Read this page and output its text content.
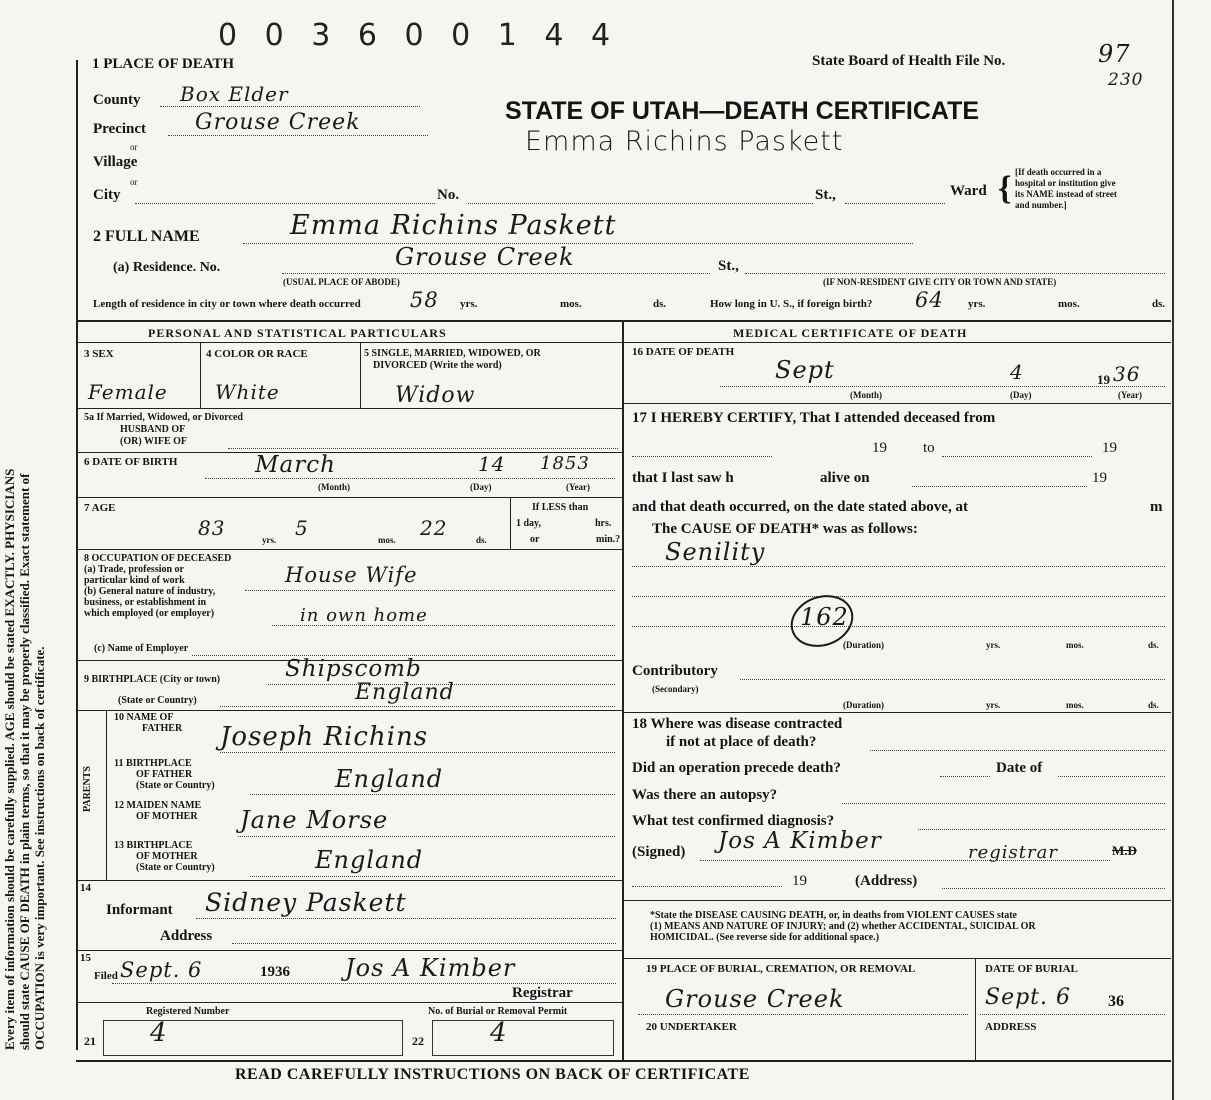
Every item of information should be carefully supplied. AGE should be stated EXACTLY. PHYSICIANS should state CAUSE OF DEATH in plain terms, so that it may be properly classified. Exact statement of OCCUPATION is very important. See instructions on back of certificate.
0 0 3 6 0 0 1 4 4
1 PLACE OF DEATH
County Box Elder
Precinct Grouse Creek
or
Village
or
City	No.	St.,	Ward { [If death occurred in a
hospital or institution give
its NAME instead of street
and number.]
State Board of Health File No.	97
230
STATE OF UTAH—DEATH CERTIFICATE
Emma Richins Paskett
2 FULL NAME	Emma Richins Paskett
(a) Residence. No.	Grouse Creek	St.,
(USUAL PLACE OF ABODE)	(IF NON-RESIDENT GIVE CITY OR TOWN AND STATE)
Length of residence in city or town where death occurred 58 yrs.	mos.	ds.	How long in U. S., if foreign birth? 64 yrs.	mos.	ds.
PERSONAL AND STATISTICAL PARTICULARS	MEDICAL CERTIFICATE OF DEATH
3 SEX
Female
4 COLOR OR RACE
White
5 SINGLE, MARRIED, WIDOWED, OR
DIVORCED (Write the word)
Widow
5a If Married, Widowed, or Divorced
HUSBAND OF
(OR) WIFE OF
6 DATE OF BIRTH	March	14 1853
(Month)	(Day)	(Year)
7 AGE
83	yrs. 5	mos. 22	ds.
If LESS than
1 day,	hrs.
or	min.?
8 OCCUPATION OF DECEASED
(a) Trade, profession or
particular kind of work
(b) General nature of industry,
business, or establishment in
which employed (or employer)
House Wife
in own home
(c) Name of Employer
9 BIRTHPLACE (City or town)	Shipscomb
(State or Country)	England
PARENTS
10 NAME OF
FATHER Joseph Richins
11 BIRTHPLACE
OF FATHER
(State or Country)	England
12 MAIDEN NAME
OF MOTHER Jane Morse
13 BIRTHPLACE
OF MOTHER
(State or Country)	England
14
Informant Sidney Paskett
Address
15
Filed Sept. 6	1936 Jos A Kimber
Registrar
Registered Number	No. of Burial or Removal Permit
21 4	22	4
16 DATE OF DEATH
Sept	4	19 36
(Month)	(Day)	(Year)
17 I HEREBY CERTIFY, That I attended deceased from
19 to	19
that I last saw h	alive on	19
and that death occurred, on the date stated above, at	m
The CAUSE OF DEATH* was as follows:
Senility
162
(Duration)	yrs.	mos.	ds.
Contributory
(Secondary)
(Duration)	yrs.	mos.	ds.
18 Where was disease contracted
if not at place of death?
Did an operation precede death?	Date of
Was there an autopsy?
What test confirmed diagnosis?
(Signed) Jos A Kimber	registrar	M.D
19	(Address)
*State the DISEASE CAUSING DEATH, or, in deaths from VIOLENT CAUSES state
(1) MEANS AND NATURE OF INJURY; and (2) whether ACCIDENTAL, SUICIDAL OR
HOMICIDAL. (See reverse side for additional space.)
19 PLACE OF BURIAL, CREMATION, OR REMOVAL
Grouse Creek
DATE OF BURIAL
Sept. 6 36
20 UNDERTAKER	ADDRESS
READ CAREFULLY INSTRUCTIONS ON BACK OF CERTIFICATE
